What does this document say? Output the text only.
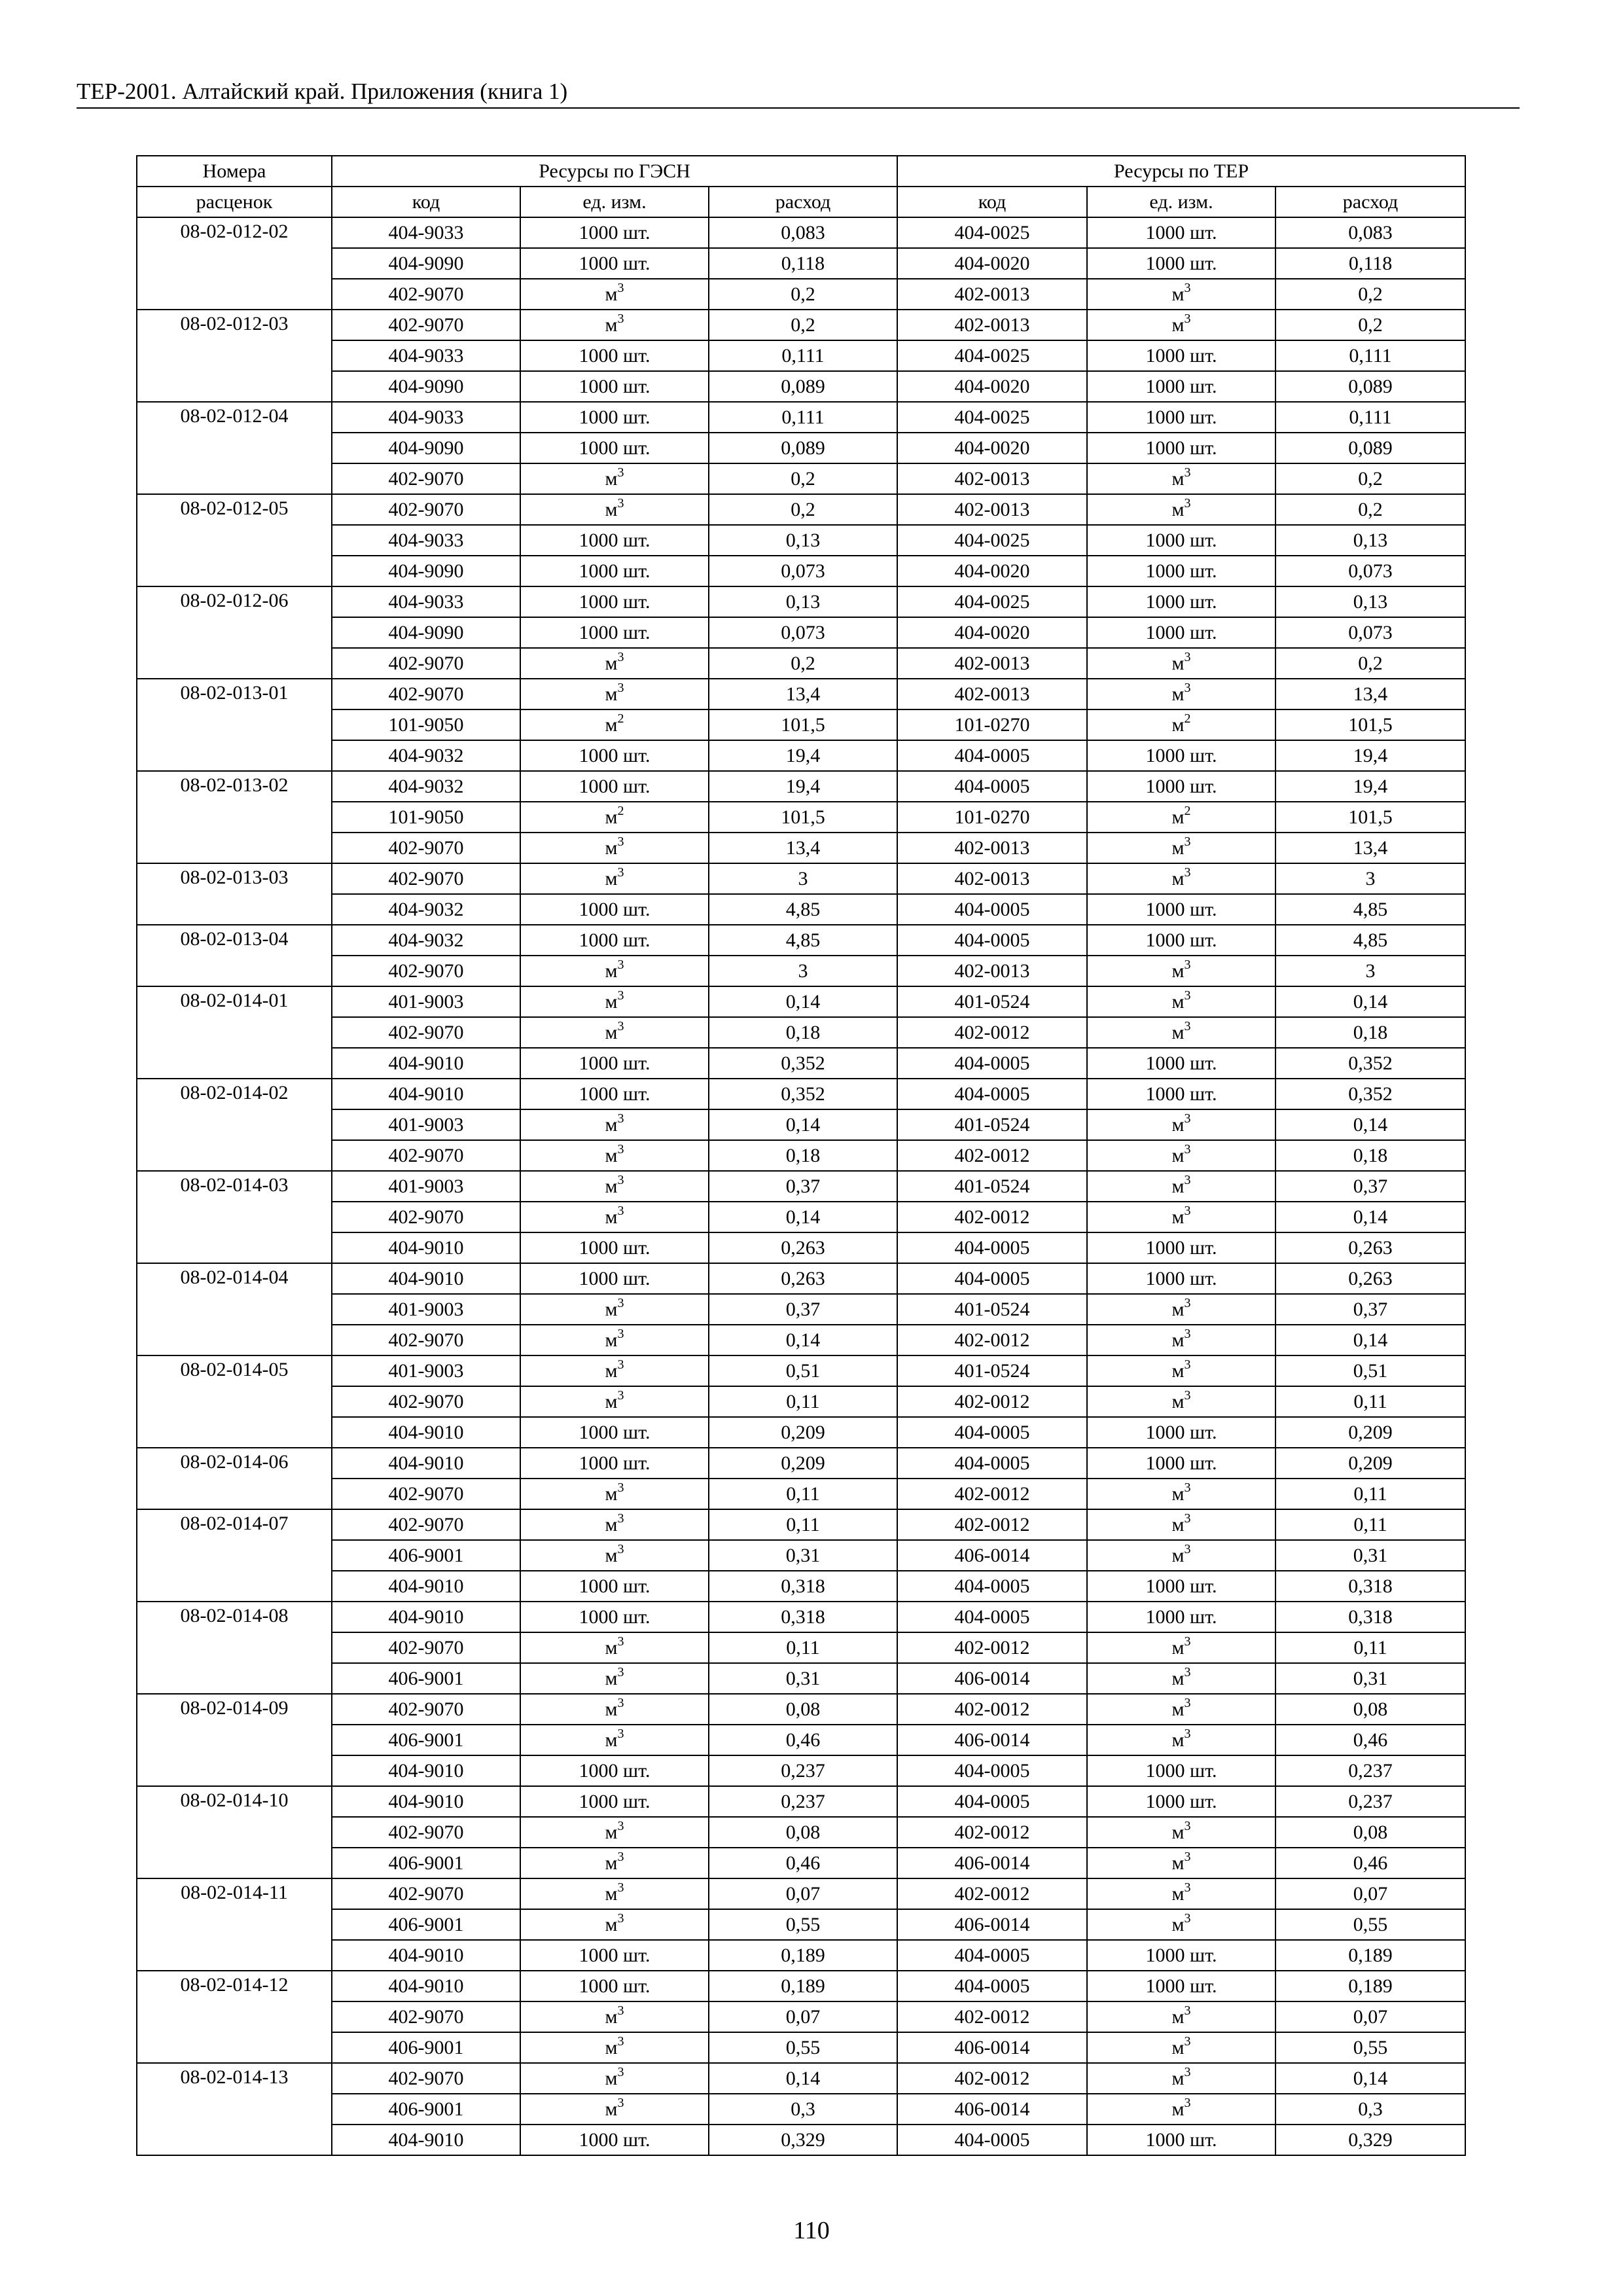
ТЕР-2001. Алтайский край. Приложения (книга 1)
Номера	Ресурсы по ГЭСН			Ресурсы по ТЕР		
расценок	код	ед. изм.	расход	код	ед. изм.	расход
08-02-012-02	404-9033	1000 шт.	0,083	404-0025	1000 шт.	0,083
	404-9090	1000 шт.	0,118	404-0020	1000 шт.	0,118
	402-9070	$м^3$	0,2	402-0013	$м^3$	0,2
08-02-012-03	402-9070	$м^3$	0,2	402-0013	$м^3$	0,2
	404-9033	1000 шт.	0,111	404-0025	1000 шт.	0,111
	404-9090	1000 шт.	0,089	404-0020	1000 шт.	0,089
08-02-012-04	404-9033	1000 шт.	0,111	404-0025	1000 шт.	0,111
	404-9090	1000 шт.	0,089	404-0020	1000 шт.	0,089
	402-9070	$м^3$	0,2	402-0013	$м^3$	0,2
08-02-012-05	402-9070	$м^3$	0,2	402-0013	$м^3$	0,2
	404-9033	1000 шт.	0,13	404-0025	1000 шт.	0,13
	404-9090	1000 шт.	0,073	404-0020	1000 шт.	0,073
08-02-012-06	404-9033	1000 шт.	0,13	404-0025	1000 шт.	0,13
	404-9090	1000 шт.	0,073	404-0020	1000 шт.	0,073
	402-9070	$м^3$	0,2	402-0013	$м^3$	0,2
08-02-013-01	402-9070	$м^3$	13,4	402-0013	$м^3$	13,4
	101-9050	$м^2$	101,5	101-0270	$м^2$	101,5
	404-9032	1000 шт.	19,4	404-0005	1000 шт.	19,4
08-02-013-02	404-9032	1000 шт.	19,4	404-0005	1000 шт.	19,4
	101-9050	$м^2$	101,5	101-0270	$м^2$	101,5
	402-9070	$м^3$	13,4	402-0013	$м^3$	13,4
08-02-013-03	402-9070	$м^3$	3	402-0013	$м^3$	3
	404-9032	1000 шт.	4,85	404-0005	1000 шт.	4,85
08-02-013-04	404-9032	1000 шт.	4,85	404-0005	1000 шт.	4,85
	402-9070	$м^3$	3	402-0013	$м^3$	3
08-02-014-01	401-9003	$м^3$	0,14	401-0524	$м^3$	0,14
	402-9070	$м^3$	0,18	402-0012	$м^3$	0,18
	404-9010	1000 шт.	0,352	404-0005	1000 шт.	0,352
08-02-014-02	404-9010	1000 шт.	0,352	404-0005	1000 шт.	0,352
	401-9003	$м^3$	0,14	401-0524	$м^3$	0,14
	402-9070	$м^3$	0,18	402-0012	$м^3$	0,18
08-02-014-03	401-9003	$м^3$	0,37	401-0524	$м^3$	0,37
	402-9070	$м^3$	0,14	402-0012	$м^3$	0,14
	404-9010	1000 шт.	0,263	404-0005	1000 шт.	0,263
08-02-014-04	404-9010	1000 шт.	0,263	404-0005	1000 шт.	0,263
	401-9003	$м^3$	0,37	401-0524	$м^3$	0,37
	402-9070	$м^3$	0,14	402-0012	$м^3$	0,14
08-02-014-05	401-9003	$м^3$	0,51	401-0524	$м^3$	0,51
	402-9070	$м^3$	0,11	402-0012	$м^3$	0,11
	404-9010	1000 шт.	0,209	404-0005	1000 шт.	0,209
08-02-014-06	404-9010	1000 шт.	0,209	404-0005	1000 шт.	0,209
	402-9070	$м^3$	0,11	402-0012	$м^3$	0,11
08-02-014-07	402-9070	$м^3$	0,11	402-0012	$м^3$	0,11
	406-9001	$м^3$	0,31	406-0014	$м^3$	0,31
	404-9010	1000 шт.	0,318	404-0005	1000 шт.	0,318
08-02-014-08	404-9010	1000 шт.	0,318	404-0005	1000 шт.	0,318
	402-9070	$м^3$	0,11	402-0012	$м^3$	0,11
	406-9001	$м^3$	0,31	406-0014	$м^3$	0,31
08-02-014-09	402-9070	$м^3$	0,08	402-0012	$м^3$	0,08
	406-9001	$м^3$	0,46	406-0014	$м^3$	0,46
	404-9010	1000 шт.	0,237	404-0005	1000 шт.	0,237
08-02-014-10	404-9010	1000 шт.	0,237	404-0005	1000 шт.	0,237
	402-9070	$м^3$	0,08	402-0012	$м^3$	0,08
	406-9001	$м^3$	0,46	406-0014	$м^3$	0,46
08-02-014-11	402-9070	$м^3$	0,07	402-0012	$м^3$	0,07
	406-9001	$м^3$	0,55	406-0014	$м^3$	0,55
	404-9010	1000 шт.	0,189	404-0005	1000 шт.	0,189
08-02-014-12	404-9010	1000 шт.	0,189	404-0005	1000 шт.	0,189
	402-9070	$м^3$	0,07	402-0012	$м^3$	0,07
	406-9001	$м^3$	0,55	406-0014	$м^3$	0,55
08-02-014-13	402-9070	$м^3$	0,14	402-0012	$м^3$	0,14
	406-9001	$м^3$	0,3	406-0014	$м^3$	0,3
	404-9010	1000 шт.	0,329	404-0005	1000 шт.	0,329
110
